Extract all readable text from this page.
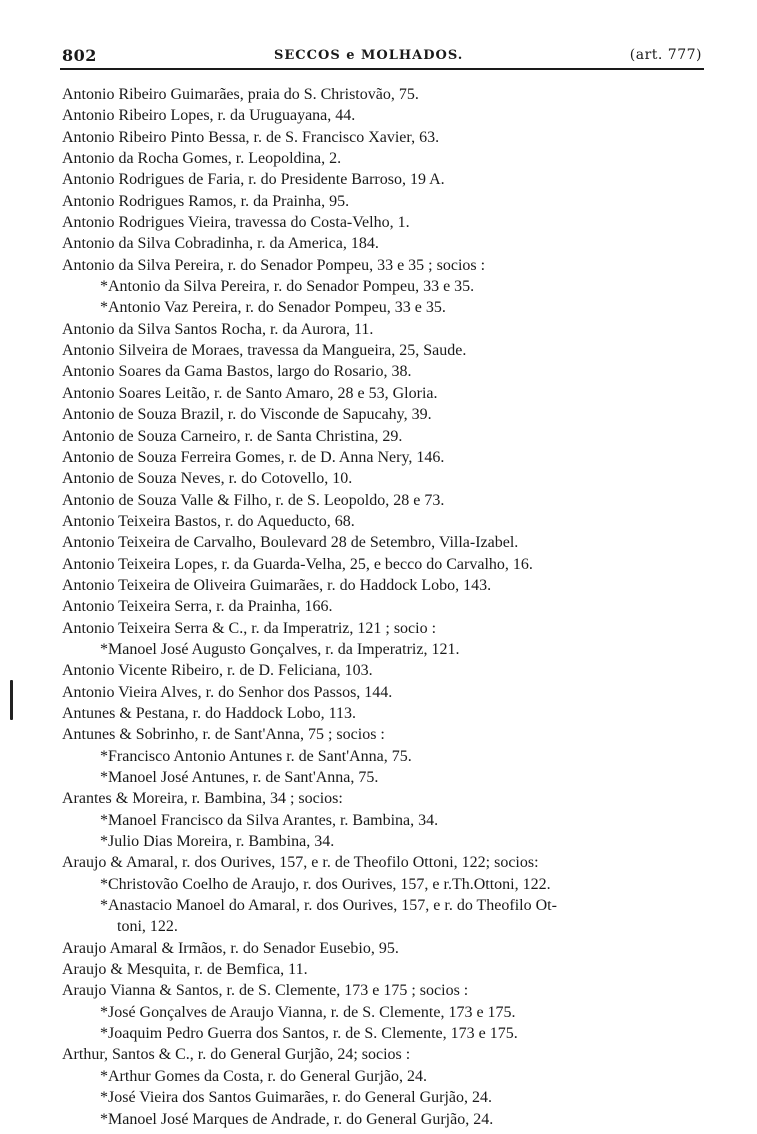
802	SECCOS e MOLHADOS.	(art. 777)
Antonio Ribeiro Guimarães, praia do S. Christovão, 75.
Antonio Ribeiro Lopes, r. da Uruguayana, 44.
Antonio Ribeiro Pinto Bessa, r. de S. Francisco Xavier, 63.
Antonio da Rocha Gomes, r. Leopoldina, 2.
Antonio Rodrigues de Faria, r. do Presidente Barroso, 19 A.
Antonio Rodrigues Ramos, r. da Prainha, 95.
Antonio Rodrigues Vieira, travessa do Costa-Velho, 1.
Antonio da Silva Cobradinha, r. da America, 184.
Antonio da Silva Pereira, r. do Senador Pompeu, 33 e 35 ; socios :
*Antonio da Silva Pereira, r. do Senador Pompeu, 33 e 35.
*Antonio Vaz Pereira, r. do Senador Pompeu, 33 e 35.
Antonio da Silva Santos Rocha, r. da Aurora, 11.
Antonio Silveira de Moraes, travessa da Mangueira, 25, Saude.
Antonio Soares da Gama Bastos, largo do Rosario, 38.
Antonio Soares Leitão, r. de Santo Amaro, 28 e 53, Gloria.
Antonio de Souza Brazil, r. do Visconde de Sapucahy, 39.
Antonio de Souza Carneiro, r. de Santa Christina, 29.
Antonio de Souza Ferreira Gomes, r. de D. Anna Nery, 146.
Antonio de Souza Neves, r. do Cotovello, 10.
Antonio de Souza Valle & Filho, r. de S. Leopoldo, 28 e 73.
Antonio Teixeira Bastos, r. do Aqueducto, 68.
Antonio Teixeira de Carvalho, Boulevard 28 de Setembro, Villa-Izabel.
Antonio Teixeira Lopes, r. da Guarda-Velha, 25, e becco do Carvalho, 16.
Antonio Teixeira de Oliveira Guimarães, r. do Haddock Lobo, 143.
Antonio Teixeira Serra, r. da Prainha, 166.
Antonio Teixeira Serra & C., r. da Imperatriz, 121 ; socio :
*Manoel José Augusto Gonçalves, r. da Imperatriz, 121.
Antonio Vicente Ribeiro, r. de D. Feliciana, 103.
Antonio Vieira Alves, r. do Senhor dos Passos, 144.
Antunes & Pestana, r. do Haddock Lobo, 113.
Antunes & Sobrinho, r. de Sant'Anna, 75 ; socios :
*Francisco Antonio Antunes r. de Sant'Anna, 75.
*Manoel José Antunes, r. de Sant'Anna, 75.
Arantes & Moreira, r. Bambina, 34 ; socios:
*Manoel Francisco da Silva Arantes, r. Bambina, 34.
*Julio Dias Moreira, r. Bambina, 34.
Araujo & Amaral, r. dos Ourives, 157, e r. de Theofilo Ottoni, 122; socios:
*Christovão Coelho de Araujo, r. dos Ourives, 157, e r.Th.Ottoni, 122.
*Anastacio Manoel do Amaral, r. dos Ourives, 157, e r. do Theofilo Ot-
toni, 122.
Araujo Amaral & Irmãos, r. do Senador Eusebio, 95.
Araujo & Mesquita, r. de Bemfica, 11.
Araujo Vianna & Santos, r. de S. Clemente, 173 e 175 ; socios :
*José Gonçalves de Araujo Vianna, r. de S. Clemente, 173 e 175.
*Joaquim Pedro Guerra dos Santos, r. de S. Clemente, 173 e 175.
Arthur, Santos & C., r. do General Gurjão, 24; socios :
*Arthur Gomes da Costa, r. do General Gurjão, 24.
*José Vieira dos Santos Guimarães, r. do General Gurjão, 24.
*Manoel José Marques de Andrade, r. do General Gurjão, 24.
